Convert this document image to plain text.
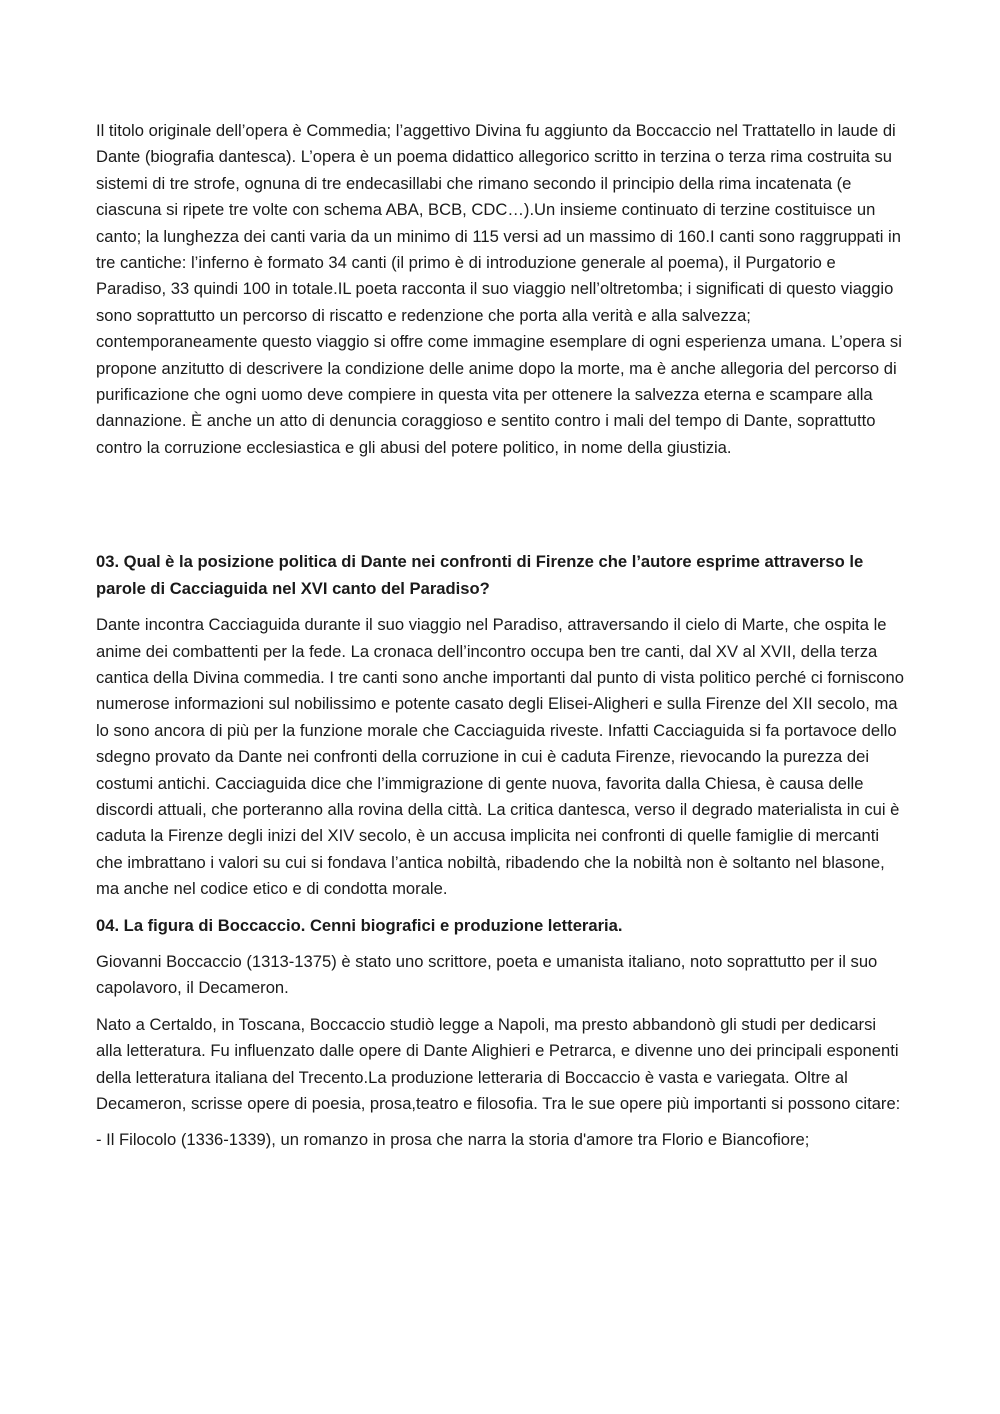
Il titolo originale dell’opera è Commedia; l’aggettivo Divina fu aggiunto da Boccaccio nel Trattatello in laude di Dante (biografia dantesca). L’opera è un poema didattico allegorico scritto in terzina o terza rima costruita su sistemi di tre strofe, ognuna di tre endecasillabi che rimano secondo il principio della rima incatenata (e ciascuna si ripete tre volte con schema ABA, BCB, CDC…).Un insieme continuato di terzine costituisce un canto; la lunghezza dei canti varia da un minimo di 115 versi ad un massimo di 160.I canti sono raggruppati in tre cantiche: l’inferno è formato 34 canti (il primo è di introduzione generale al poema), il Purgatorio e Paradiso, 33 quindi 100 in totale.IL poeta racconta il suo viaggio nell’oltretomba; i significati di questo viaggio sono soprattutto un percorso di riscatto e redenzione che porta alla verità e alla salvezza; contemporaneamente questo viaggio si offre come immagine esemplare di ogni esperienza umana. L’opera si propone anzitutto di descrivere la condizione delle anime dopo la morte, ma è anche allegoria del percorso di purificazione che ogni uomo deve compiere in questa vita per ottenere la salvezza eterna e scampare alla dannazione. È anche un atto di denuncia coraggioso e sentito contro i mali del tempo di Dante, soprattutto contro la corruzione ecclesiastica e gli abusi del potere politico, in nome della giustizia.

03. Qual è la posizione politica di Dante nei confronti di Firenze che l’autore esprime attraverso le parole di Cacciaguida nel XVI canto del Paradiso?

Dante incontra Cacciaguida durante il suo viaggio nel Paradiso, attraversando il cielo di Marte, che ospita le anime dei combattenti per la fede. La cronaca dell’incontro occupa ben tre canti, dal XV al XVII, della terza cantica della Divina commedia. I tre canti sono anche importanti dal punto di vista politico perché ci forniscono numerose informazioni sul nobilissimo e potente casato degli Elisei-Aligheri e sulla Firenze del XII secolo, ma lo sono ancora di più per la funzione morale che Cacciaguida riveste. Infatti Cacciaguida si fa portavoce dello sdegno provato da Dante nei confronti della corruzione in cui è caduta Firenze, rievocando la purezza dei costumi antichi. Cacciaguida dice che l’immigrazione di gente nuova, favorita dalla Chiesa, è causa delle discordi attuali, che porteranno alla rovina della città. La critica dantesca, verso il degrado materialista in cui è caduta la Firenze degli inizi del XIV secolo, è un accusa implicita nei confronti di quelle famiglie di mercanti che imbrattano i valori su cui si fondava l’antica nobiltà, ribadendo che la nobiltà non è soltanto nel blasone, ma anche nel codice etico e di condotta morale.

04. La figura di Boccaccio. Cenni biografici e produzione letteraria.

Giovanni Boccaccio (1313-1375) è stato uno scrittore, poeta e umanista italiano, noto soprattutto per il suo capolavoro, il Decameron.

Nato a Certaldo, in Toscana, Boccaccio studiò legge a Napoli, ma presto abbandonò gli studi per dedicarsi alla letteratura. Fu influenzato dalle opere di Dante Alighieri e Petrarca, e divenne uno dei principali esponenti della letteratura italiana del Trecento.La produzione letteraria di Boccaccio è vasta e variegata. Oltre al Decameron, scrisse opere di poesia, prosa,teatro e filosofia. Tra le sue opere più importanti si possono citare:

- Il Filocolo (1336-1339), un romanzo in prosa che narra la storia d'amore tra Florio e Biancofiore;
